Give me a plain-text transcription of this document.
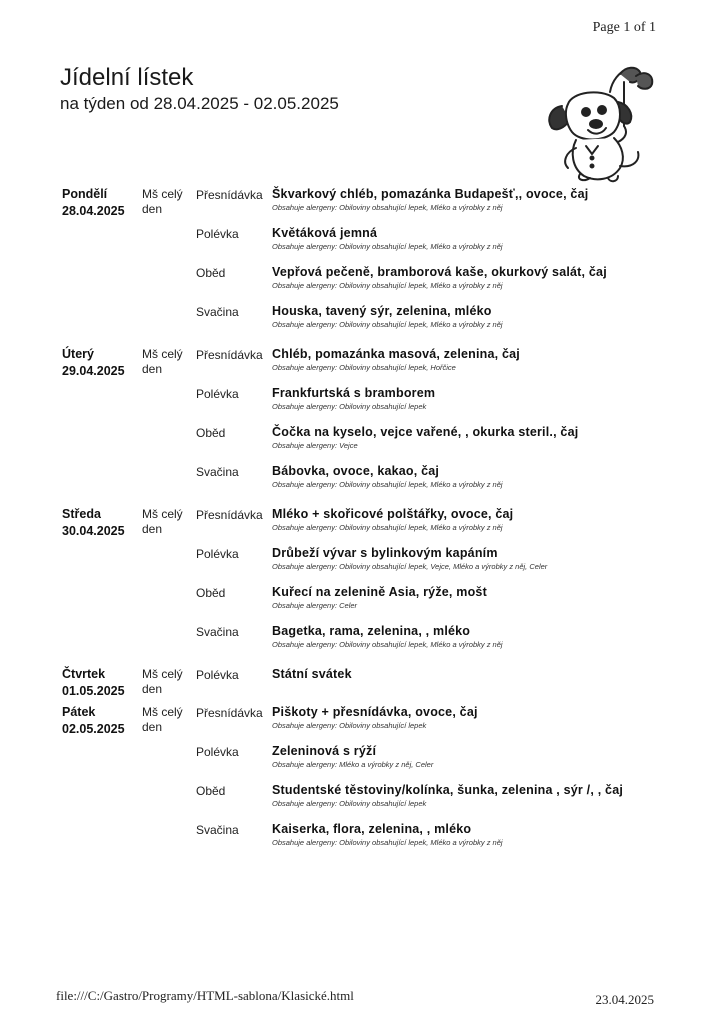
Page 1 of 1
Jídelní lístek
na týden od 28.04.2025 - 02.05.2025
Pondělí
28.04.2025
Mš celý den
Přesnídávka Škvarkový chléb, pomazánka Budapešť,, ovoce, čaj
Obsahuje alergeny: Obiloviny obsahující lepek, Mléko a výrobky z něj
Polévka	Květáková jemná
Obsahuje alergeny: Obiloviny obsahující lepek, Mléko a výrobky z něj
Oběd	Vepřová pečeně, bramborová kaše, okurkový salát, čaj
Obsahuje alergeny: Obiloviny obsahující lepek, Mléko a výrobky z něj
Svačina	Houska, tavený sýr, zelenina, mléko
Obsahuje alergeny: Obiloviny obsahující lepek, Mléko a výrobky z něj
Úterý
29.04.2025
Mš celý den
Přesnídávka Chléb, pomazánka masová, zelenina, čaj
Obsahuje alergeny: Obiloviny obsahující lepek, Hořčice
Polévka	Frankfurtská s bramborem
Obsahuje alergeny: Obiloviny obsahující lepek
Oběd	Čočka na kyselo, vejce vařené, , okurka steril., čaj
Obsahuje alergeny: Vejce
Svačina	Bábovka, ovoce, kakao, čaj
Obsahuje alergeny: Obiloviny obsahující lepek, Mléko a výrobky z něj
Středa
30.04.2025
Mš celý den
Přesnídávka Mléko + skořicové polštářky, ovoce, čaj
Obsahuje alergeny: Obiloviny obsahující lepek, Mléko a výrobky z něj
Polévka	Drůbeží vývar s bylinkovým kapáním
Obsahuje alergeny: Obiloviny obsahující lepek, Vejce, Mléko a výrobky z něj, Celer
Oběd	Kuřecí na zelenině Asia, rýže, mošt
Obsahuje alergeny: Celer
Svačina	Bagetka, rama, zelenina, , mléko
Obsahuje alergeny: Obiloviny obsahující lepek, Mléko a výrobky z něj
Čtvrtek
01.05.2025
Mš celý den
Polévka	Státní svátek
Pátek
02.05.2025
Mš celý den
Přesnídávka Piškoty + přesnídávka, ovoce, čaj
Obsahuje alergeny: Obiloviny obsahující lepek
Polévka	Zeleninová s rýží
Obsahuje alergeny: Mléko a výrobky z něj, Celer
Oběd	Studentské těstoviny/kolínka, šunka, zelenina , sýr /, , čaj
Obsahuje alergeny: Obiloviny obsahující lepek
Svačina	Kaiserka, flora, zelenina, , mléko
Obsahuje alergeny: Obiloviny obsahující lepek, Mléko a výrobky z něj
file:///C:/Gastro/Programy/HTML-sablona/Klasické.html	23.04.2025
